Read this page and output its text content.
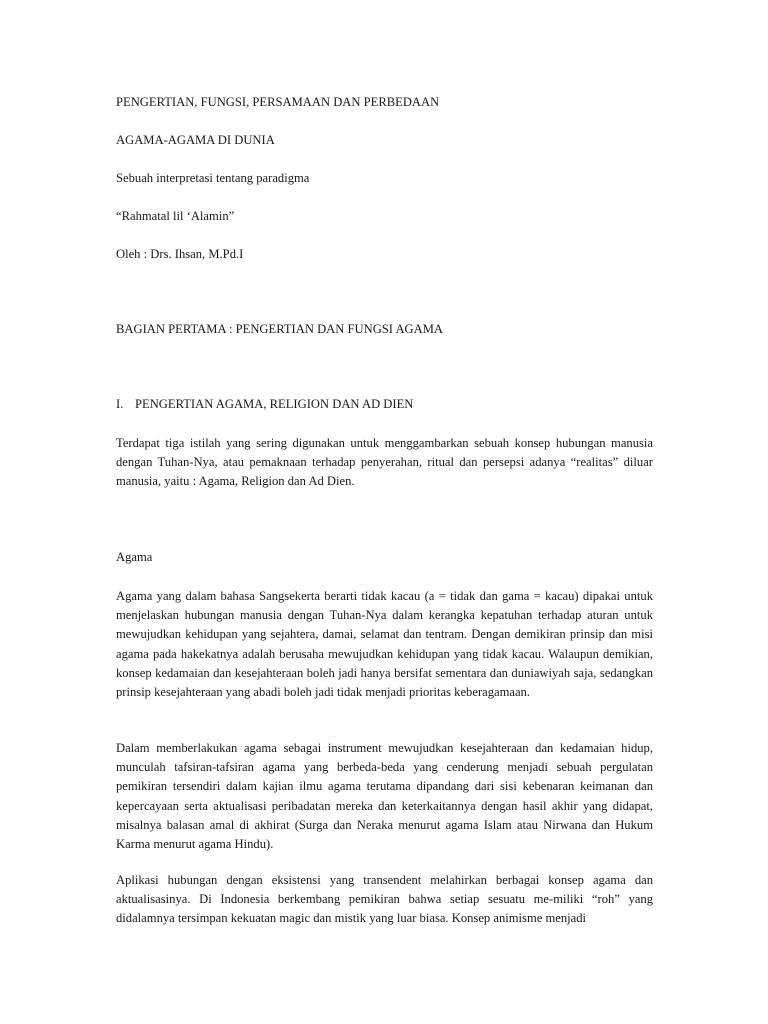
PENGERTIAN, FUNGSI, PERSAMAAN DAN PERBEDAAN

AGAMA-AGAMA DI DUNIA

Sebuah interpretasi tentang paradigma

“Rahmatal lil ‘Alamin”

Oleh : Drs. Ihsan, M.Pd.I

BAGIAN PERTAMA : PENGERTIAN DAN FUNGSI AGAMA

I. PENGERTIAN AGAMA, RELIGION DAN AD DIEN

Terdapat tiga istilah yang sering digunakan untuk menggambarkan sebuah konsep hubungan manusia dengan Tuhan-Nya, atau pemaknaan terhadap penyerahan, ritual dan persepsi adanya “realitas” diluar manusia, yaitu : Agama, Religion dan Ad Dien.

Agama

Agama yang dalam bahasa Sangsekerta berarti tidak kacau (a = tidak dan gama = kacau) dipakai untuk menjelaskan hubungan manusia dengan Tuhan-Nya dalam kerangka kepatuhan terhadap aturan untuk mewujudkan kehidupan yang sejahtera, damai, selamat dan tentram. Dengan demikiran prinsip dan misi agama pada hakekatnya adalah berusaha mewujudkan kehidupan yang tidak kacau. Walaupun demikian, konsep kedamaian dan kesejahteraan boleh jadi hanya bersifat sementara dan duniawiyah saja, sedangkan prinsip kesejahteraan yang abadi boleh jadi tidak menjadi prioritas keberagamaan.

Dalam memberlakukan agama sebagai instrument mewujudkan kesejahteraan dan kedamaian hidup, munculah tafsiran-tafsiran agama yang berbeda-beda yang cenderung menjadi sebuah pergulatan pemikiran tersendiri dalam kajian ilmu agama terutama dipandang dari sisi kebenaran keimanan dan kepercayaan serta aktualisasi peribadatan mereka dan keterkaitannya dengan hasil akhir yang didapat, misalnya balasan amal di akhirat (Surga dan Neraka menurut agama Islam atau Nirwana dan Hukum Karma menurut agama Hindu).

Aplikasi hubungan dengan eksistensi yang transendent melahirkan berbagai konsep agama dan aktualisasinya. Di Indonesia berkembang pemikiran bahwa setiap sesuatu me-miliki “roh” yang didalamnya tersimpan kekuatan magic dan mistik yang luar biasa. Konsep animisme menjadi
